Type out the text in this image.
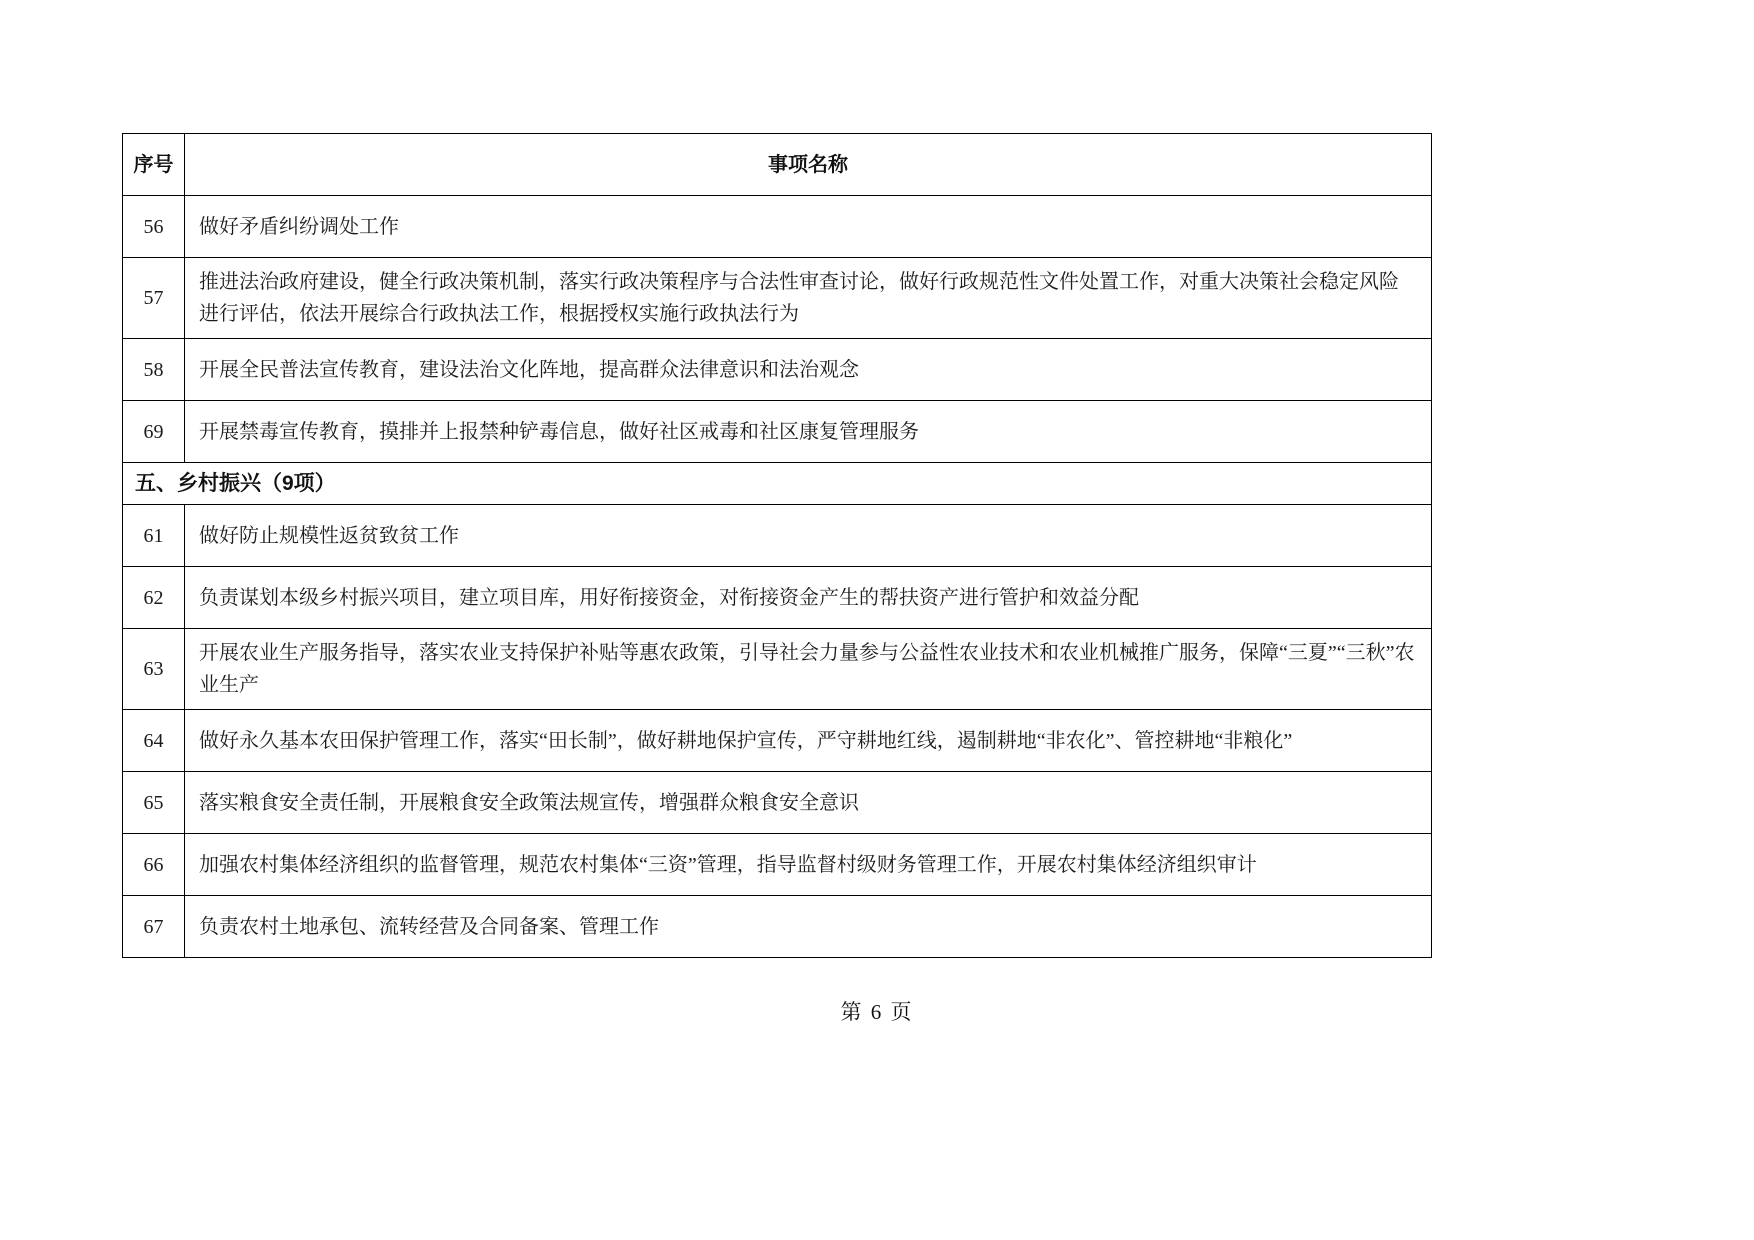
序号	事项名称
56	做好矛盾纠纷调处工作
57	推进法治政府建设，健全行政决策机制，落实行政决策程序与合法性审查讨论，做好行政规范性文件处置工作，对重大决策社会稳定风险进行评估，依法开展综合行政执法工作，根据授权实施行政执法行为
58	开展全民普法宣传教育，建设法治文化阵地，提高群众法律意识和法治观念
69	开展禁毒宣传教育，摸排并上报禁种铲毒信息，做好社区戒毒和社区康复管理服务
五、乡村振兴（9项）	
61	做好防止规模性返贫致贫工作
62	负责谋划本级乡村振兴项目，建立项目库，用好衔接资金，对衔接资金产生的帮扶资产进行管护和效益分配
63	开展农业生产服务指导，落实农业支持保护补贴等惠农政策，引导社会力量参与公益性农业技术和农业机械推广服务，保障“三夏”“三秋”农业生产
64	做好永久基本农田保护管理工作，落实“田长制”，做好耕地保护宣传，严守耕地红线，遏制耕地“非农化”、管控耕地“非粮化”
65	落实粮食安全责任制，开展粮食安全政策法规宣传，增强群众粮食安全意识
66	加强农村集体经济组织的监督管理，规范农村集体“三资”管理，指导监督村级财务管理工作，开展农村集体经济组织审计
67	负责农村土地承包、流转经营及合同备案、管理工作
第 6 页
